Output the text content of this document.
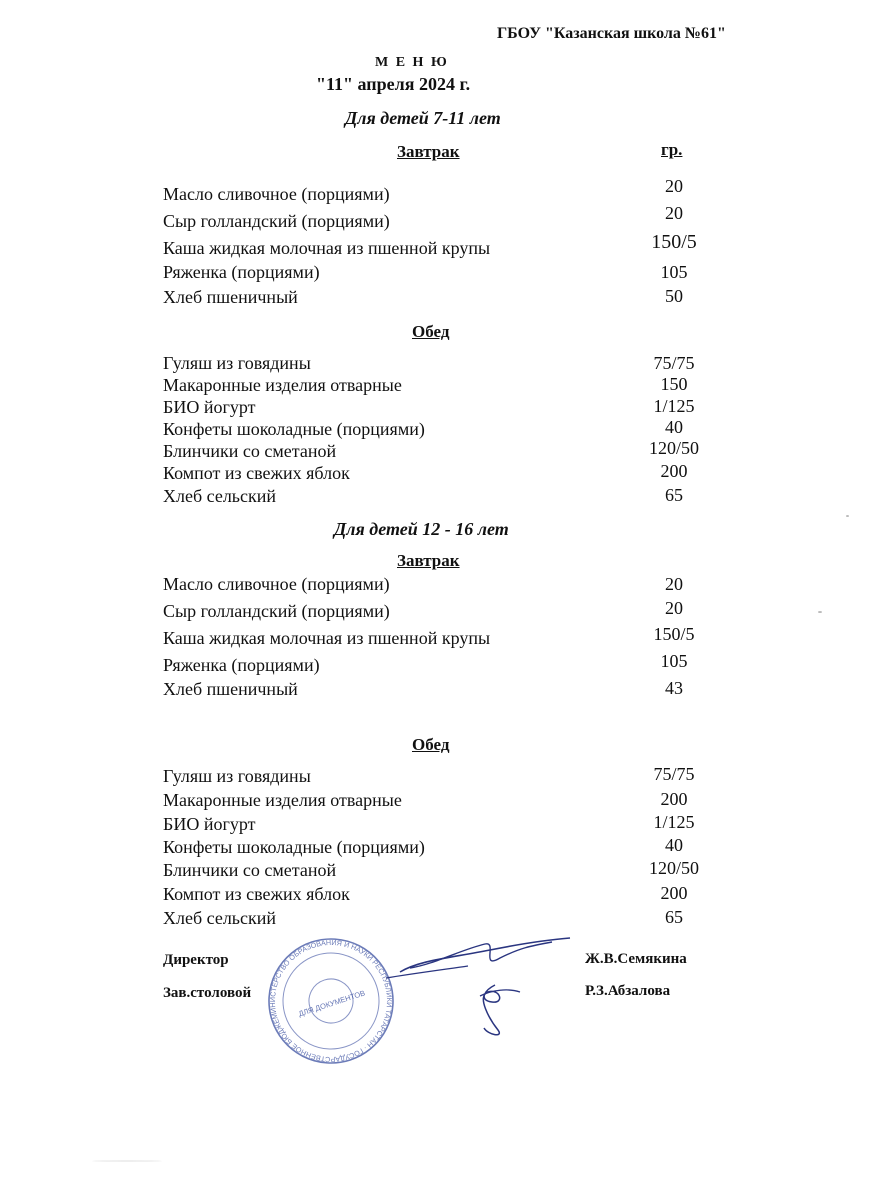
ГБОУ "Казанская школа №61"
М Е Н Ю
"11" апреля 2024 г.
Для детей 7-11 лет
Завтрак	гр.
Масло сливочное (порциями)	20
Сыр голландский (порциями)	20
Каша жидкая молочная из пшенной крупы	150/5
Ряженка (порциями)	105
Хлеб пшеничный	50
Обед
Гуляш из говядины	75/75
Макаронные изделия отварные	150
БИО йогурт	1/125
Конфеты шоколадные (порциями)	40
Блинчики со сметаной	120/50
Компот из свежих яблок	200
Хлеб сельский	65
Для детей 12 - 16 лет
Завтрак
Масло сливочное (порциями)	20
Сыр голландский (порциями)	20
Каша жидкая молочная из пшенной крупы	150/5
Ряженка (порциями)	105
Хлеб пшеничный	43
Обед
Гуляш из говядины	75/75
Макаронные изделия отварные	200
БИО йогурт	1/125
Конфеты шоколадные (порциями)	40
Блинчики со сметаной	120/50
Компот из свежих яблок	200
Хлеб сельский	65
МИНИСТЕРСТВО ОБРАЗОВАНИЯ И НАУКИ РЕСПУБЛИКИ ТАТАРСТАН · ГОСУДАРСТВЕННОЕ БЮДЖЕТНОЕ
ДЛЯ ДОКУМЕНТОВ
Директор	Ж.В.Семякина
Зав.столовой	Р.З.Абзалова
